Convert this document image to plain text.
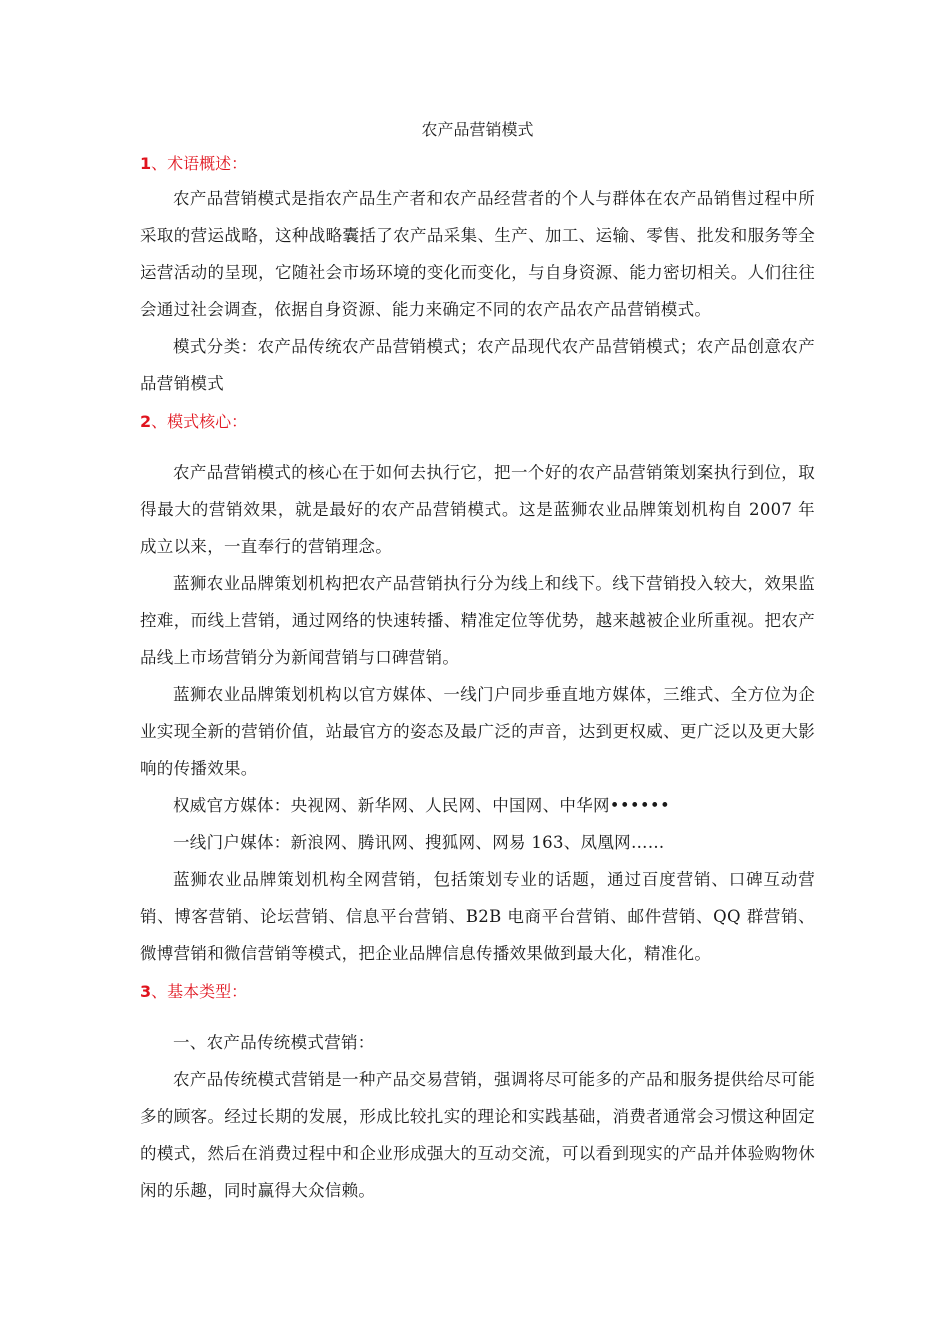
农产品营销模式
1、术语概述：

农产品营销模式是指农产品生产者和农产品经营者的个人与群体在农产品销售过程中所采取的营运战略，这种战略囊括了农产品采集、生产、加工、运输、零售、批发和服务等全运营活动的呈现，它随社会市场环境的变化而变化，与自身资源、能力密切相关。人们往往会通过社会调查，依据自身资源、能力来确定不同的农产品农产品营销模式。

模式分类：农产品传统农产品营销模式；农产品现代农产品营销模式；农产品创意农产品营销模式

2、模式核心：

农产品营销模式的核心在于如何去执行它，把一个好的农产品营销策划案执行到位，取得最大的营销效果，就是最好的农产品营销模式。这是蓝狮农业品牌策划机构自 2007 年成立以来，一直奉行的营销理念。

蓝狮农业品牌策划机构把农产品营销执行分为线上和线下。线下营销投入较大，效果监控难，而线上营销，通过网络的快速转播、精准定位等优势，越来越被企业所重视。把农产品线上市场营销分为新闻营销与口碑营销。

蓝狮农业品牌策划机构以官方媒体、一线门户同步垂直地方媒体，三维式、全方位为企业实现全新的营销价值，站最官方的姿态及最广泛的声音，达到更权威、更广泛以及更大影响的传播效果。

权威官方媒体：央视网、新华网、人民网、中国网、中华网••••••

一线门户媒体：新浪网、腾讯网、搜狐网、网易 163、凤凰网……

蓝狮农业品牌策划机构全网营销，包括策划专业的话题，通过百度营销、口碑互动营销、博客营销、论坛营销、信息平台营销、B2B 电商平台营销、邮件营销、QQ 群营销、微博营销和微信营销等模式，把企业品牌信息传播效果做到最大化，精准化。

3、基本类型：

一、农产品传统模式营销：

农产品传统模式营销是一种产品交易营销，强调将尽可能多的产品和服务提供给尽可能多的顾客。经过长期的发展，形成比较扎实的理论和实践基础，消费者通常会习惯这种固定的模式，然后在消费过程中和企业形成强大的互动交流，可以看到现实的产品并体验购物休闲的乐趣，同时赢得大众信赖。
